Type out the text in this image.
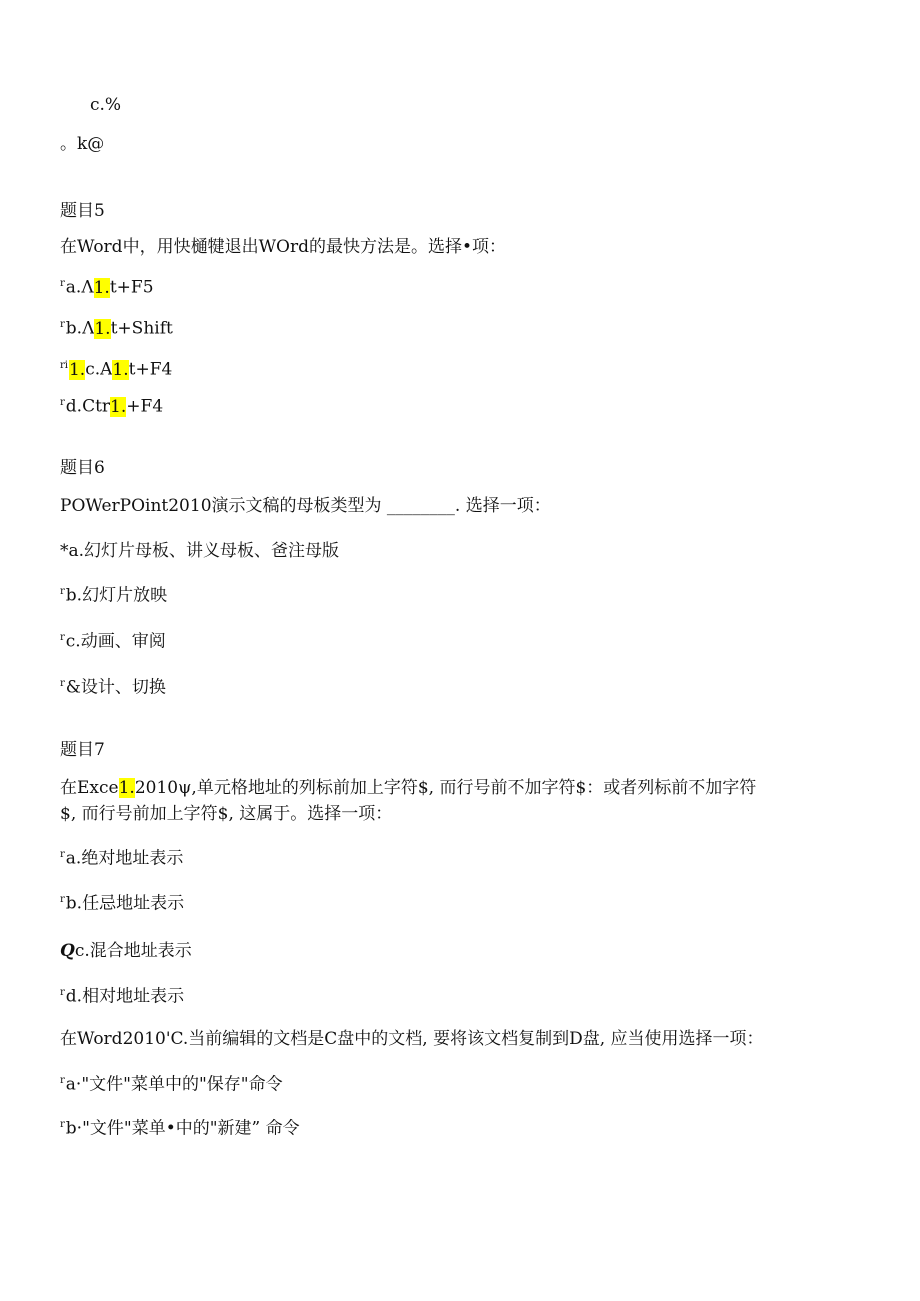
c.%
。k@
题目5
在Word中，用快樋犍退出WOrd的最快方法是。选择•项：
$^r$a.Λ1.t+F5
$^r$b.Λ1.t+Shift
$^{ri}$1.c.A1.t+F4
$^r$d.Ctr1.+F4
题目6
POWerPOint2010演示文稿的母板类型为 ________. 选择一项：
*a.幻灯片母板、讲义母板、爸注母版
$^r$b.幻灯片放映
$^r$c.动画、审阅
$^r$&设计、切换
题目7
在Exce1.2010ψ,单元格地址的列标前加上字符$, 而行号前不加字符$：或者列标前不加字符
$, 而行号前加上字符$, 这属于。选择一项：
$^r$a.绝对地址表示
$^r$b.任忌地址表示
Qc.混合地址表示
$^r$d.相对地址表示
在Word2010'C.当前编辑的文档是C盘中的文档, 要将该文档复制到D盘, 应当使用选择一项：
$^r$a·"文件"菜单中的"保存"命令
$^r$b·"文件"菜单•中的"新建” 命令
